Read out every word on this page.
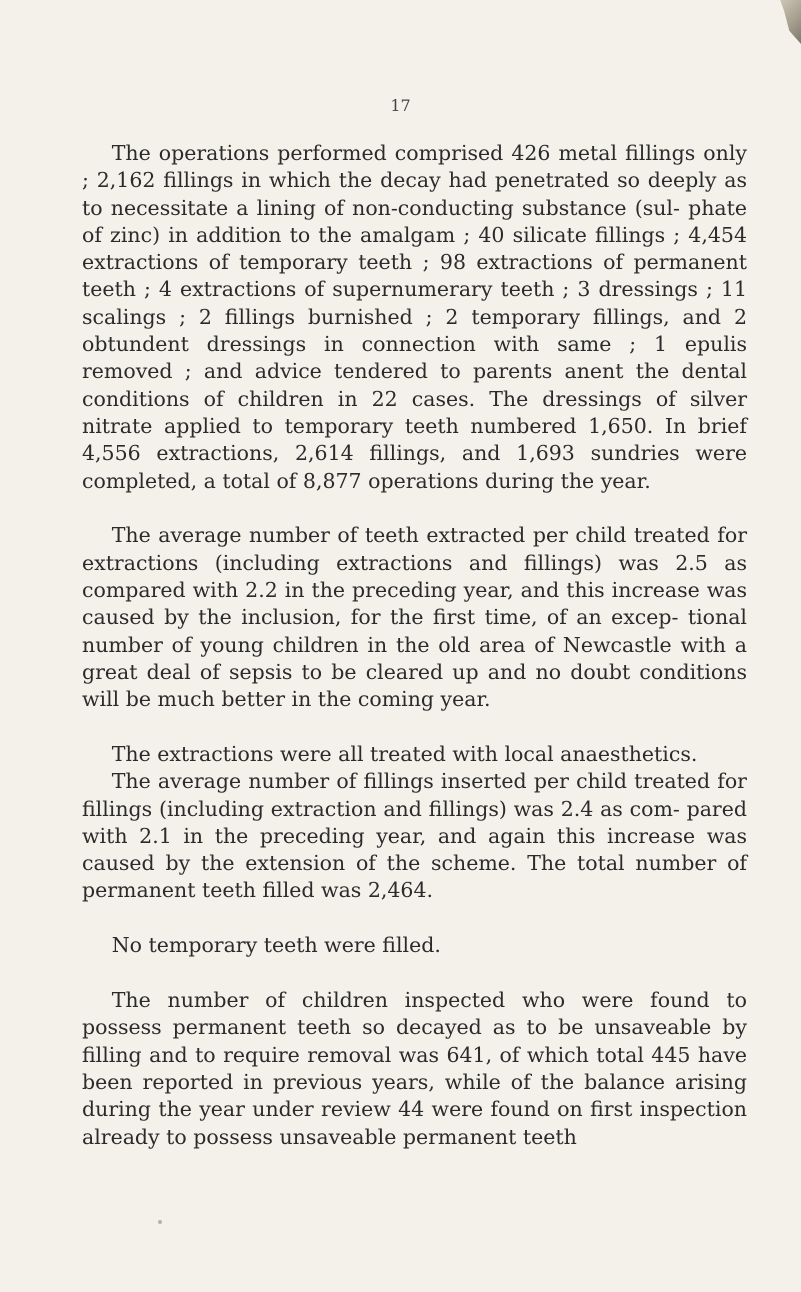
17

The operations performed comprised 426 metal fillings only ; 2,162 fillings in which the decay had penetrated so deeply as to necessitate a lining of non-conducting substance (sul- phate of zinc) in addition to the amalgam ; 40 silicate fillings ; 4,454 extractions of temporary teeth ; 98 extractions of permanent teeth ; 4 extractions of supernumerary teeth ; 3 dressings ; 11 scalings ; 2 fillings burnished ; 2 temporary fillings, and 2 obtundent dressings in connection with same ; 1 epulis removed ; and advice tendered to parents anent the dental conditions of children in 22 cases. The dressings of silver nitrate applied to temporary teeth numbered 1,650. In brief 4,556 extractions, 2,614 fillings, and 1,693 sundries were completed, a total of 8,877 operations during the year.

The average number of teeth extracted per child treated for extractions (including extractions and fillings) was 2.5 as compared with 2.2 in the preceding year, and this increase was caused by the inclusion, for the first time, of an excep- tional number of young children in the old area of Newcastle with a great deal of sepsis to be cleared up and no doubt conditions will be much better in the coming year.

The extractions were all treated with local anaesthetics.

The average number of fillings inserted per child treated for fillings (including extraction and fillings) was 2.4 as com- pared with 2.1 in the preceding year, and again this increase was caused by the extension of the scheme. The total number of permanent teeth filled was 2,464.

No temporary teeth were filled.

The number of children inspected who were found to possess permanent teeth so decayed as to be unsaveable by filling and to require removal was 641, of which total 445 have been reported in previous years, while of the balance arising during the year under review 44 were found on first inspection already to possess unsaveable permanent teeth
